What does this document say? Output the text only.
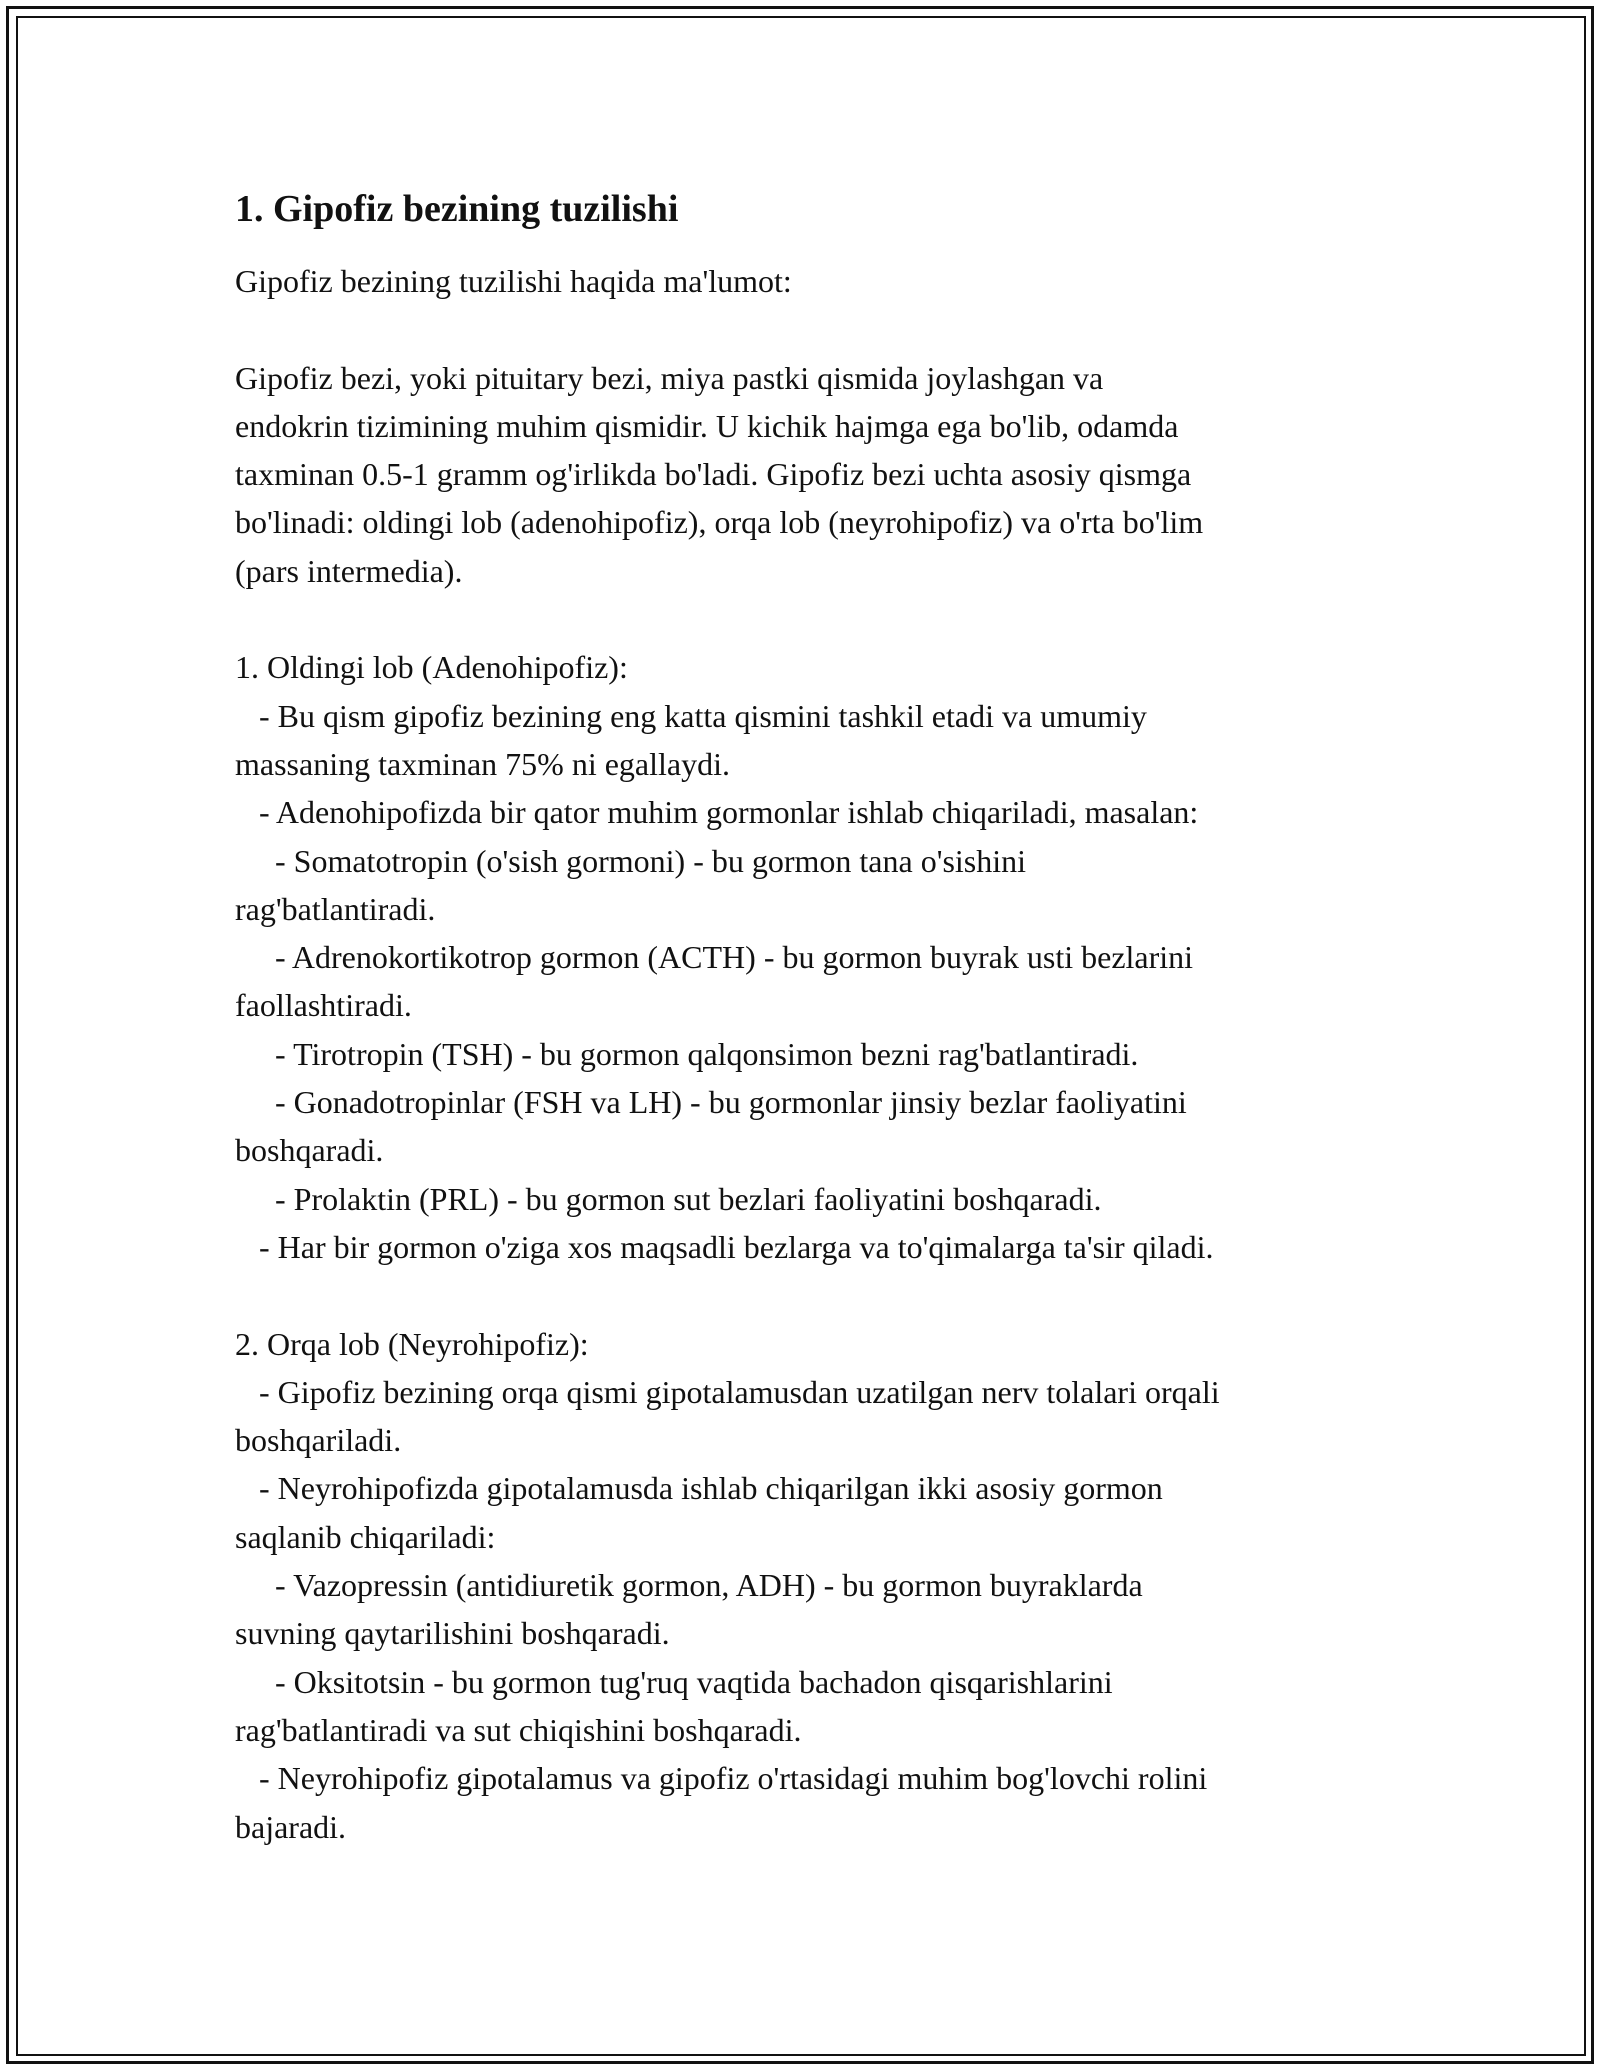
1. Gipofiz bezining tuzilishi
Gipofiz bezining tuzilishi haqida ma'lumot:
Gipofiz bezi, yoki pituitary bezi, miya pastki qismida joylashgan va
endokrin tizimining muhim qismidir. U kichik hajmga ega bo'lib, odamda
taxminan 0.5-1 gramm og'irlikda bo'ladi. Gipofiz bezi uchta asosiy qismga
bo'linadi: oldingi lob (adenohipofiz), orqa lob (neyrohipofiz) va o'rta bo'lim
(pars intermedia).
1. Oldingi lob (Adenohipofiz):
- Bu qism gipofiz bezining eng katta qismini tashkil etadi va umumiy
massaning taxminan 75% ni egallaydi.
- Adenohipofizda bir qator muhim gormonlar ishlab chiqariladi, masalan:
- Somatotropin (o'sish gormoni) - bu gormon tana o'sishini
rag'batlantiradi.
- Adrenokortikotrop gormon (ACTH) - bu gormon buyrak usti bezlarini
faollashtiradi.
- Tirotropin (TSH) - bu gormon qalqonsimon bezni rag'batlantiradi.
- Gonadotropinlar (FSH va LH) - bu gormonlar jinsiy bezlar faoliyatini
boshqaradi.
- Prolaktin (PRL) - bu gormon sut bezlari faoliyatini boshqaradi.
- Har bir gormon o'ziga xos maqsadli bezlarga va to'qimalarga ta'sir qiladi.
2. Orqa lob (Neyrohipofiz):
- Gipofiz bezining orqa qismi gipotalamusdan uzatilgan nerv tolalari orqali
boshqariladi.
- Neyrohipofizda gipotalamusda ishlab chiqarilgan ikki asosiy gormon
saqlanib chiqariladi:
- Vazopressin (antidiuretik gormon, ADH) - bu gormon buyraklarda
suvning qaytarilishini boshqaradi.
- Oksitotsin - bu gormon tug'ruq vaqtida bachadon qisqarishlarini
rag'batlantiradi va sut chiqishini boshqaradi.
- Neyrohipofiz gipotalamus va gipofiz o'rtasidagi muhim bog'lovchi rolini
bajaradi.
